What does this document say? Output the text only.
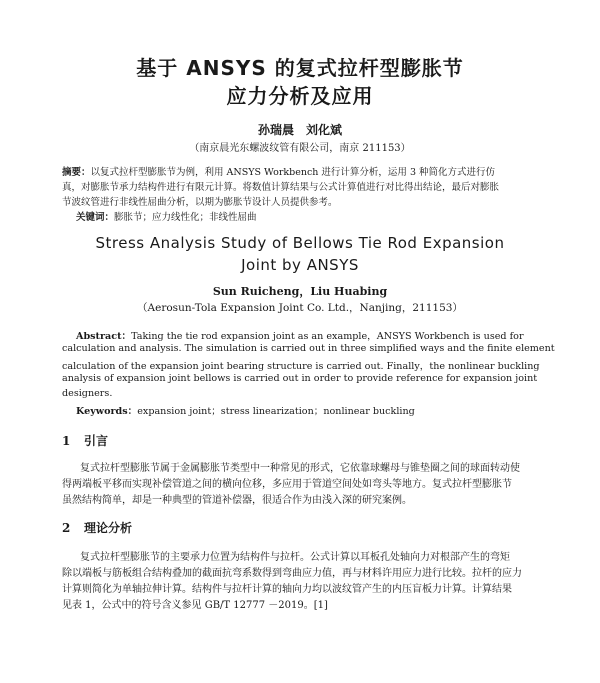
基于 ANSYS 的复式拉杆型膨胀节
应力分析及应用
孙瑞晨　刘化斌
（南京晨光东螺波纹管有限公司，南京 211153）
摘要：以复式拉杆型膨胀节为例，利用 ANSYS Workbench 进行计算分析，运用 3 种简化方式进行仿
真，对膨胀节承力结构件进行有限元计算。将数值计算结果与公式计算值进行对比得出结论，最后对膨胀
节波纹管进行非线性屈曲分析，以期为膨胀节设计人员提供参考。
关键词：膨胀节；应力线性化；非线性屈曲
Stress Analysis Study of Bellows Tie Rod Expansion
Joint by ANSYS
Sun Ruicheng，Liu Huabing
（Aerosun-Tola Expansion Joint Co. Ltd.，Nanjing，211153）
Abstract：Taking the tie rod expansion joint as an example，ANSYS Workbench is used for
calculation and analysis. The simulation is carried out in three simplified ways and the finite element
calculation of the expansion joint bearing structure is carried out. Finally，the nonlinear buckling
analysis of expansion joint bellows is carried out in order to provide reference for expansion joint
designers.
Keywords：expansion joint；stress linearization；nonlinear buckling
1 引言
复式拉杆型膨胀节属于金属膨胀节类型中一种常见的形式，它依靠球螺母与锥垫圈之间的球面转动使
得两端板平移而实现补偿管道之间的横向位移，多应用于管道空间处如弯头等地方。复式拉杆型膨胀节
虽然结构简单，却是一种典型的管道补偿器，很适合作为由浅入深的研究案例。
2 理论分析
复式拉杆型膨胀节的主要承力位置为结构件与拉杆。公式计算以耳板孔处轴向力对根部产生的弯矩
除以端板与筋板组合结构叠加的截面抗弯系数得到弯曲应力值，再与材料许用应力进行比较。拉杆的应力
计算则简化为单轴拉伸计算。结构件与拉杆计算的轴向力均以波纹管产生的内压盲板力计算。计算结果
见表 1，公式中的符号含义参见 GB/T 12777 －2019。[1]
